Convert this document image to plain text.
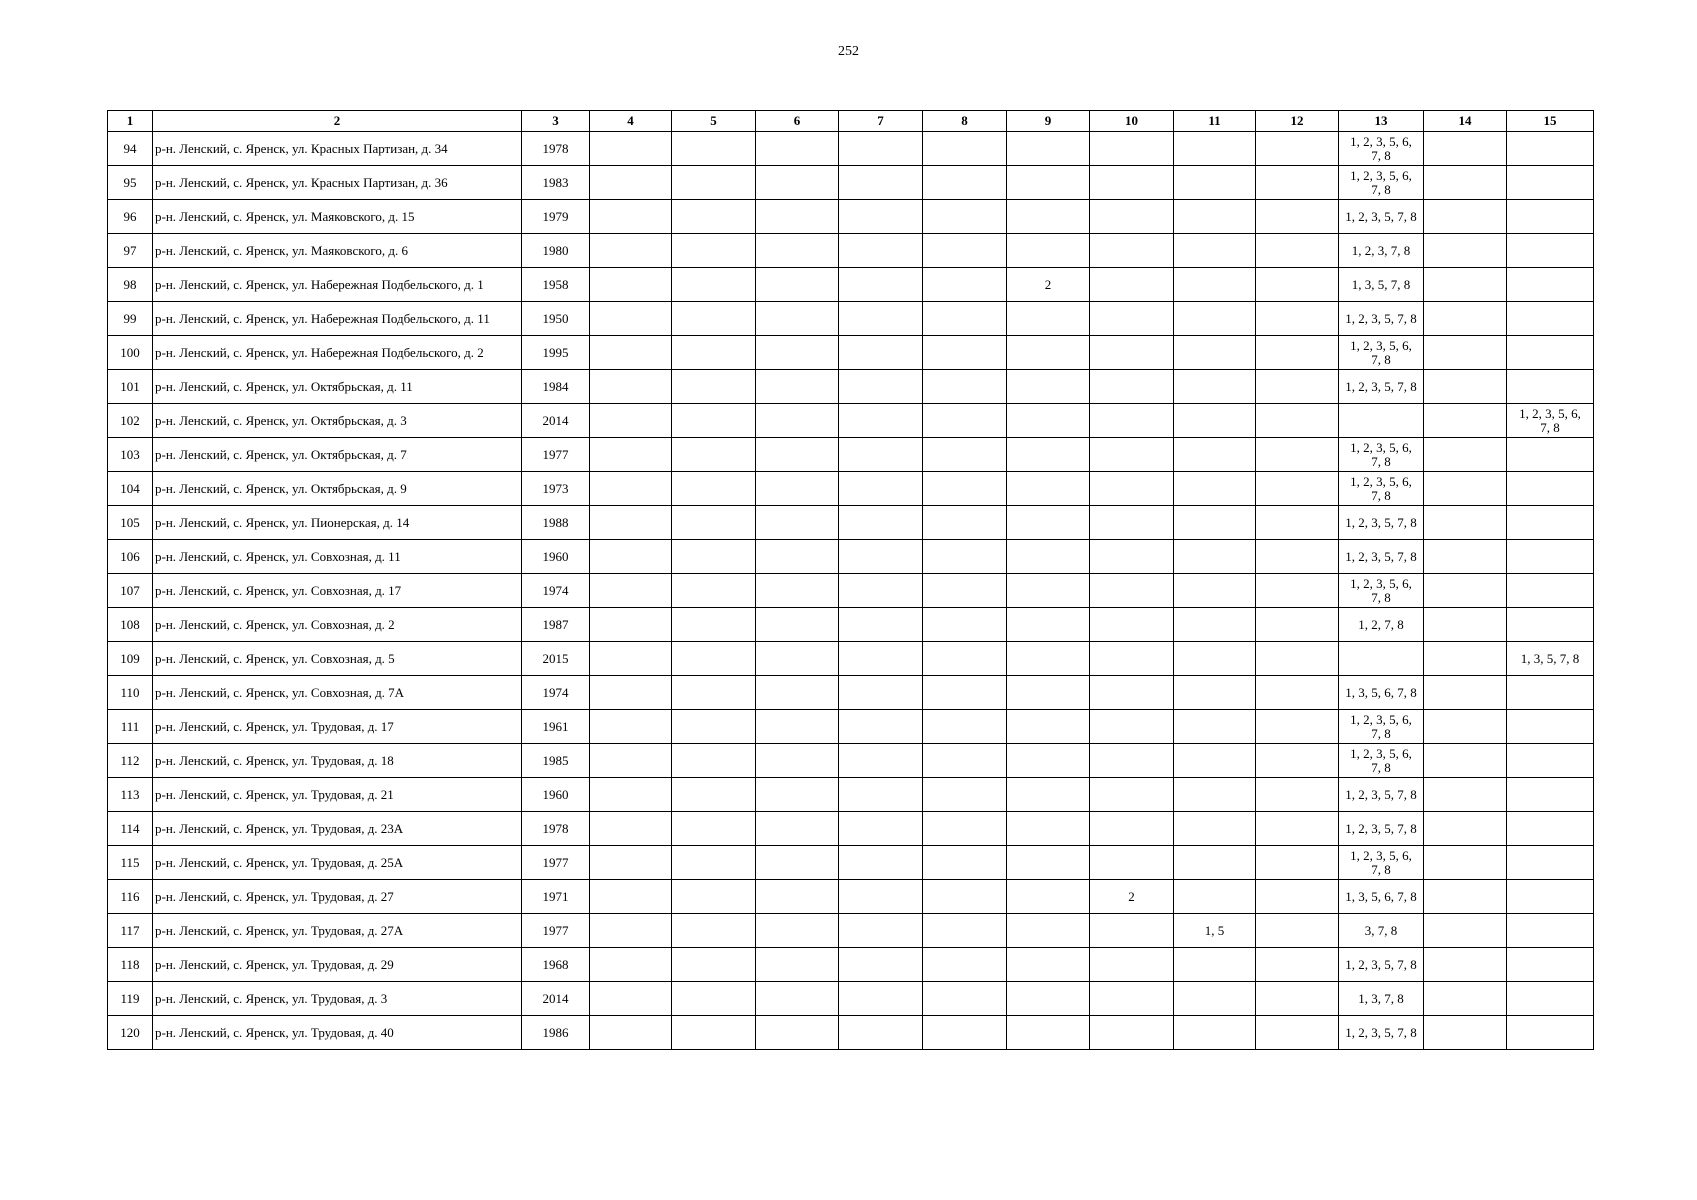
252
1	2	3	4	5	6	7	8	9	10	11	12	13	14	15
94	р-н. Ленский, с. Яренск, ул. Красных Партизан, д. 34	1978										1, 2, 3, 5, 6, 7, 8		
95	р-н. Ленский, с. Яренск, ул. Красных Партизан, д. 36	1983										1, 2, 3, 5, 6, 7, 8		
96	р-н. Ленский, с. Яренск, ул. Маяковского, д. 15	1979										1, 2, 3, 5, 7, 8		
97	р-н. Ленский, с. Яренск, ул. Маяковского, д. 6	1980										1, 2, 3, 7, 8		
98	р-н. Ленский, с. Яренск, ул. Набережная Подбельского, д. 1	1958						2				1, 3, 5, 7, 8		
99	р-н. Ленский, с. Яренск, ул. Набережная Подбельского, д. 11	1950										1, 2, 3, 5, 7, 8		
100	р-н. Ленский, с. Яренск, ул. Набережная Подбельского, д. 2	1995										1, 2, 3, 5, 6, 7, 8		
101	р-н. Ленский, с. Яренск, ул. Октябрьская, д. 11	1984										1, 2, 3, 5, 7, 8		
102	р-н. Ленский, с. Яренск, ул. Октябрьская, д. 3	2014												1, 2, 3, 5, 6, 7, 8
103	р-н. Ленский, с. Яренск, ул. Октябрьская, д. 7	1977										1, 2, 3, 5, 6, 7, 8		
104	р-н. Ленский, с. Яренск, ул. Октябрьская, д. 9	1973										1, 2, 3, 5, 6, 7, 8		
105	р-н. Ленский, с. Яренск, ул. Пионерская, д. 14	1988										1, 2, 3, 5, 7, 8		
106	р-н. Ленский, с. Яренск, ул. Совхозная, д. 11	1960										1, 2, 3, 5, 7, 8		
107	р-н. Ленский, с. Яренск, ул. Совхозная, д. 17	1974										1, 2, 3, 5, 6, 7, 8		
108	р-н. Ленский, с. Яренск, ул. Совхозная, д. 2	1987										1, 2, 7, 8		
109	р-н. Ленский, с. Яренск, ул. Совхозная, д. 5	2015												1, 3, 5, 7, 8
110	р-н. Ленский, с. Яренск, ул. Совхозная, д. 7А	1974										1, 3, 5, 6, 7, 8		
111	р-н. Ленский, с. Яренск, ул. Трудовая, д. 17	1961										1, 2, 3, 5, 6, 7, 8		
112	р-н. Ленский, с. Яренск, ул. Трудовая, д. 18	1985										1, 2, 3, 5, 6, 7, 8		
113	р-н. Ленский, с. Яренск, ул. Трудовая, д. 21	1960										1, 2, 3, 5, 7, 8		
114	р-н. Ленский, с. Яренск, ул. Трудовая, д. 23А	1978										1, 2, 3, 5, 7, 8		
115	р-н. Ленский, с. Яренск, ул. Трудовая, д. 25А	1977										1, 2, 3, 5, 6, 7, 8		
116	р-н. Ленский, с. Яренск, ул. Трудовая, д. 27	1971							2			1, 3, 5, 6, 7, 8		
117	р-н. Ленский, с. Яренск, ул. Трудовая, д. 27А	1977								1, 5		3, 7, 8		
118	р-н. Ленский, с. Яренск, ул. Трудовая, д. 29	1968										1, 2, 3, 5, 7, 8		
119	р-н. Ленский, с. Яренск, ул. Трудовая, д. 3	2014										1, 3, 7, 8		
120	р-н. Ленский, с. Яренск, ул. Трудовая, д. 40	1986										1, 2, 3, 5, 7, 8		
